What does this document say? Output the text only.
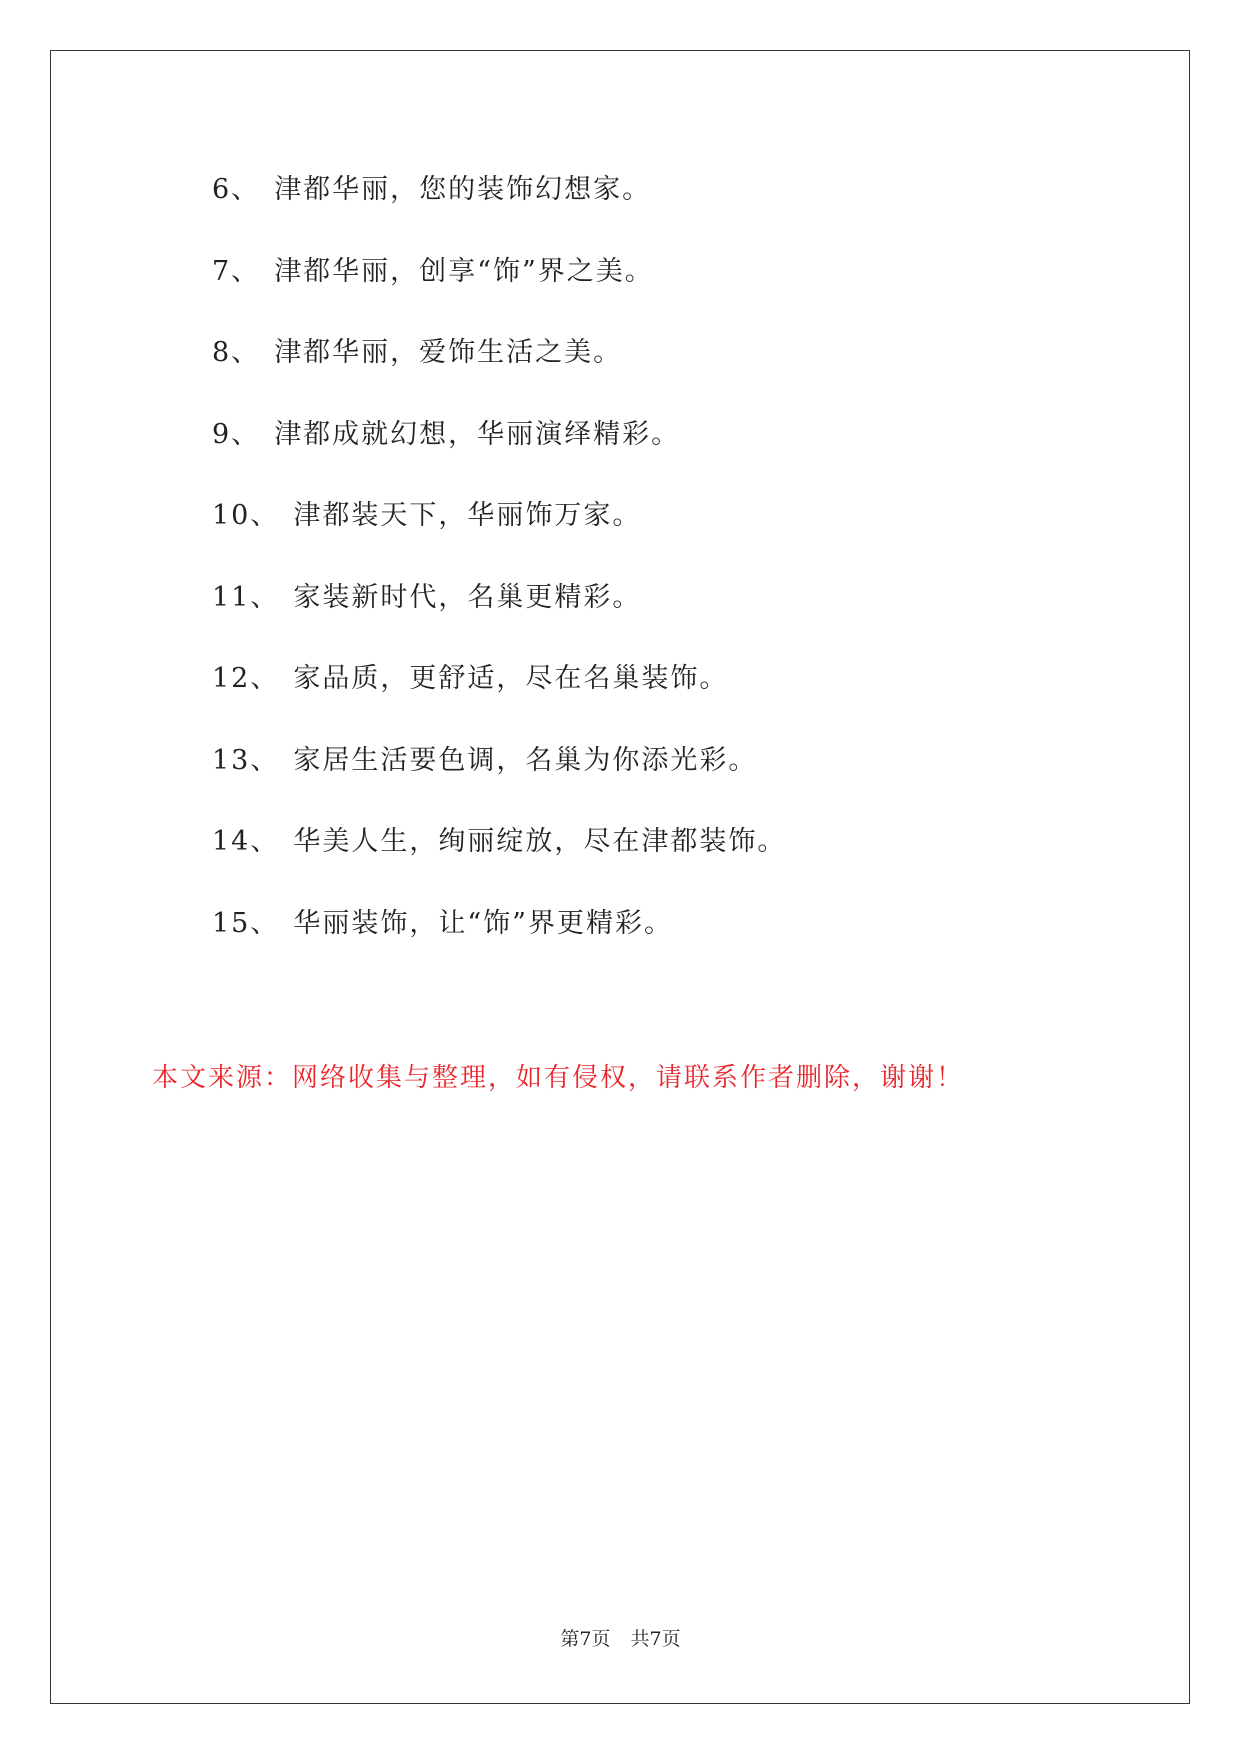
6、 津都华丽，您的装饰幻想家。
7、 津都华丽，创享“饰”界之美。
8、 津都华丽，爱饰生活之美。
9、 津都成就幻想，华丽演绎精彩。
10、 津都装天下，华丽饰万家。
11、 家装新时代，名巢更精彩。
12、 家品质，更舒适，尽在名巢装饰。
13、 家居生活要色调，名巢为你添光彩。
14、 华美人生，绚丽绽放，尽在津都装饰。
15、 华丽装饰，让“饰”界更精彩。
本文来源：网络收集与整理，如有侵权，请联系作者删除，谢谢！
第7页 共7页
